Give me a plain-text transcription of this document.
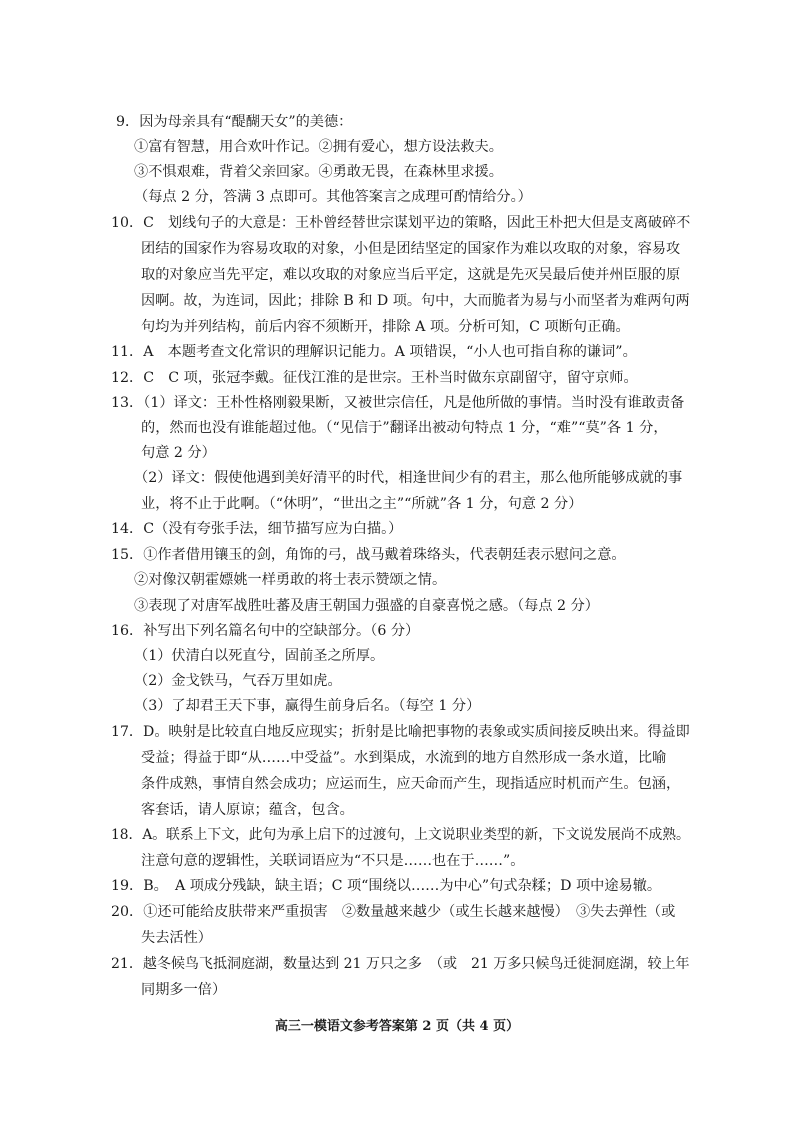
9．因为母亲具有“醍醐天女”的美德：
①富有智慧，用合欢叶作记。②拥有爱心，想方设法救夫。
③不惧艰难，背着父亲回家。④勇敢无畏，在森林里求援。
（每点 2 分，答满 3 点即可。其他答案言之成理可酌情给分。）
10．C　划线句子的大意是：王朴曾经替世宗谋划平边的策略，因此王朴把大但是支离破碎不
团结的国家作为容易攻取的对象，小但是团结坚定的国家作为难以攻取的对象，容易攻
取的对象应当先平定，难以攻取的对象应当后平定，这就是先灭吴最后使并州臣服的原
因啊。故，为连词，因此；排除 B 和 D 项。句中，大而脆者为易与小而坚者为难两句两
句均为并列结构，前后内容不须断开，排除 A 项。分析可知，C 项断句正确。
11．A　本题考查文化常识的理解识记能力。A 项错误，“小人也可指自称的谦词”。
12．C　C 项，张冠李戴。征伐江淮的是世宗。王朴当时做东京副留守，留守京师。
13．（1）译文：王朴性格刚毅果断，又被世宗信任，凡是他所做的事情。当时没有谁敢责备
的，然而也没有谁能超过他。（“见信于”翻译出被动句特点 1 分，“难”“莫”各 1 分，
句意 2 分）
（2）译文：假使他遇到美好清平的时代，相逢世间少有的君主，那么他所能够成就的事
业，将不止于此啊。（“休明”，“世出之主”“所就”各 1 分，句意 2 分）
14．C（没有夸张手法，细节描写应为白描。）
15．①作者借用镶玉的剑，角饰的弓，战马戴着珠络头，代表朝廷表示慰问之意。
②对像汉朝霍嫖姚一样勇敢的将士表示赞颂之情。
③表现了对唐军战胜吐蕃及唐王朝国力强盛的自豪喜悦之感。（每点 2 分）
16．补写出下列名篇名句中的空缺部分。（6 分）
（1）伏清白以死直兮，固前圣之所厚。
（2）金戈铁马，气吞万里如虎。
（3）了却君王天下事，赢得生前身后名。（每空 1 分）
17．D。映射是比较直白地反应现实；折射是比喻把事物的表象或实质间接反映出来。得益即
受益；得益于即“从……中受益”。水到渠成，水流到的地方自然形成一条水道，比喻
条件成熟，事情自然会成功；应运而生，应天命而产生，现指适应时机而产生。包涵，
客套话，请人原谅；蕴含，包含。
18．A。联系上下文，此句为承上启下的过渡句，上文说职业类型的新，下文说发展尚不成熟。
注意句意的逻辑性，关联词语应为“不只是……也在于……”。
19．B。　A 项成分残缺，缺主语；C 项“围绕以……为中心”句式杂糅；D 项中途易辙。
20．①还可能给皮肤带来严重损害　②数量越来越少（或生长越来越慢）　③失去弹性（或
失去活性）
21．越冬候鸟飞抵洞庭湖，数量达到 21 万只之多　（或　21 万多只候鸟迁徙洞庭湖，较上年
同期多一倍）
高三一模语文参考答案第 2 页（共 4 页）
